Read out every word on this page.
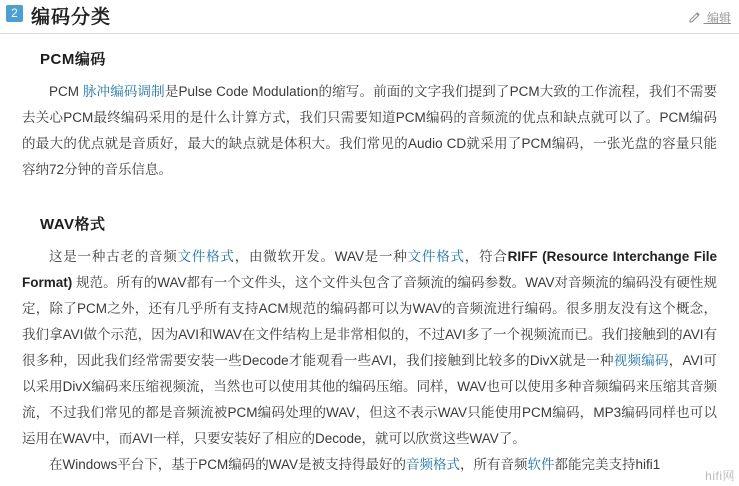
2 编码分类	编辑
PCM编码

PCM 脉冲编码调制是Pulse Code Modulation的缩写。前面的文字我们提到了PCM大致的工作流程，我们不需要去关心PCM最终编码采用的是什么计算方式，我们只需要知道PCM编码的音频流的优点和缺点就可以了。PCM编码的最大的优点就是音质好，最大的缺点就是体积大。我们常见的Audio CD就采用了PCM编码，一张光盘的容量只能容纳72分钟的音乐信息。

WAV格式

这是一种古老的音频文件格式，由微软开发。WAV是一种文件格式，符合RIFF (Resource Interchange File Format) 规范。所有的WAV都有一个文件头，这个文件头包含了音频流的编码参数。WAV对音频流的编码没有硬性规定，除了PCM之外，还有几乎所有支持ACM规范的编码都可以为WAV的音频流进行编码。很多朋友没有这个概念，我们拿AVI做个示范，因为AVI和WAV在文件结构上是非常相似的，不过AVI多了一个视频流而已。我们接触到的AVI有很多种，因此我们经常需要安装一些Decode才能观看一些AVI，我们接触到比较多的DivX就是一种视频编码，AVI可以采用DivX编码来压缩视频流，当然也可以使用其他的编码压缩。同样，WAV也可以使用多种音频编码来压缩其音频流，不过我们常见的都是音频流被PCM编码处理的WAV，但这不表示WAV只能使用PCM编码，MP3编码同样也可以运用在WAV中，而AVI一样，只要安装好了相应的Decode，就可以欣赏这些WAV了。

在Windows平台下，基于PCM编码的WAV是被支持得最好的音频格式，所有音频软件都能完美支持hifi1

hifi网
